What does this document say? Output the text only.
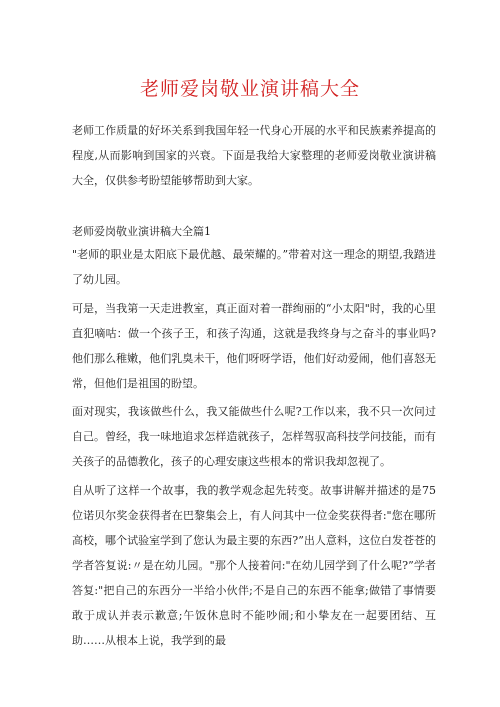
老师爱岗敬业演讲稿大全
老师工作质量的好坏关系到我国年轻一代身心开展的水平和民族素养提高的程度,从而影响到国家的兴衰。下面是我给大家整理的老师爱岗敬业演讲稿大全，仅供参考盼望能够帮助到大家。
老师爱岗敬业演讲稿大全篇1
"老师的职业是太阳底下最优越、最荣耀的。”带着对这一理念的期望,我踏进了幼儿园。
可是，当我第一天走进教室，真正面对着一群绚丽的“小太阳"时，我的心里直犯嘀咕：做一个孩子王，和孩子沟通，这就是我终身与之奋斗的事业吗?他们那么稚嫩，他们乳臭未干，他们呀呀学语，他们好动爱闹，他们喜怒无常，但他们是祖国的盼望。
面对现实，我该做些什么，我又能做些什么呢?工作以来，我不只一次问过自己。曾经，我一味地追求怎样造就孩子，怎样驾驭高科技学问技能，而有关孩子的品德教化，孩子的心理安康这些根本的常识我却忽视了。
自从听了这样一个故事，我的教学观念起先转变。故事讲解并描述的是75位诺贝尔奖金获得者在巴黎集会上，有人问其中一位金奖获得者:"您在哪所高校，哪个试验室学到了您认为最主要的东西?”出人意料，这位白发苍苍的学者答复说:〃是在幼儿园。"那个人接着问:"在幼儿园学到了什么呢?”学者答复:"把自己的东西分一半给小伙伴;不是自己的东西不能拿;做错了事情要敢于成认并表示歉意;午饭休息时不能吵闹;和小挚友在一起要团结、互助……从根本上说，我学到的最
